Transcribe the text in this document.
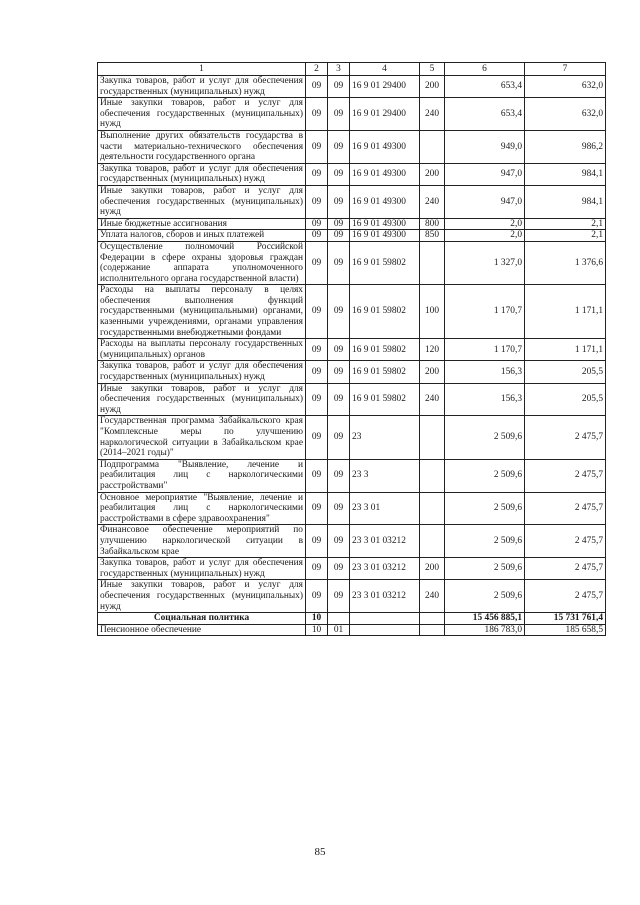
1	2	3	4	5	6	7
Закупка товаров, работ и услуг для обеспечения государственных (муниципальных) нужд	09	09	16 9 01 29400	200	653,4	632,0
Иные закупки товаров, работ и услуг для обеспечения государственных (муниципальных) нужд	09	09	16 9 01 29400	240	653,4	632,0
Выполнение других обязательств государства в части материально-технического обеспечения деятельности государственного органа	09	09	16 9 01 49300		949,0	986,2
Закупка товаров, работ и услуг для обеспечения государственных (муниципальных) нужд	09	09	16 9 01 49300	200	947,0	984,1
Иные закупки товаров, работ и услуг для обеспечения государственных (муниципальных) нужд	09	09	16 9 01 49300	240	947,0	984,1
Иные бюджетные ассигнования	09	09	16 9 01 49300	800	2,0	2,1
Уплата налогов, сборов и иных платежей	09	09	16 9 01 49300	850	2,0	2,1
Осуществление полномочий Российской Федерации в сфере охраны здоровья граждан (содержание аппарата уполномоченного исполнительного органа государственной власти)	09	09	16 9 01 59802		1 327,0	1 376,6
Расходы на выплаты персоналу в целях обеспечения выполнения функций государственными (муниципальными) органами, казенными учреждениями, органами управления государственными внебюджетными фондами	09	09	16 9 01 59802	100	1 170,7	1 171,1
Расходы на выплаты персоналу государственных (муниципальных) органов	09	09	16 9 01 59802	120	1 170,7	1 171,1
Закупка товаров, работ и услуг для обеспечения государственных (муниципальных) нужд	09	09	16 9 01 59802	200	156,3	205,5
Иные закупки товаров, работ и услуг для обеспечения государственных (муниципальных) нужд	09	09	16 9 01 59802	240	156,3	205,5
Государственная программа Забайкальского края "Комплексные меры по улучшению наркологической ситуации в Забайкальском крае (2014–2021 годы)"	09	09	23		2 509,6	2 475,7
Подпрограмма "Выявление, лечение и реабилитация лиц с наркологическими расстройствами"	09	09	23 3		2 509,6	2 475,7
Основное мероприятие "Выявление, лечение и реабилитация лиц с наркологическими расстройствами в сфере здравоохранения"	09	09	23 3 01		2 509,6	2 475,7
Финансовое обеспечение мероприятий по улучшению наркологической ситуации в Забайкальском крае	09	09	23 3 01 03212		2 509,6	2 475,7
Закупка товаров, работ и услуг для обеспечения государственных (муниципальных) нужд	09	09	23 3 01 03212	200	2 509,6	2 475,7
Иные закупки товаров, работ и услуг для обеспечения государственных (муниципальных) нужд	09	09	23 3 01 03212	240	2 509,6	2 475,7
Социальная политика	10				15 456 885,1	15 731 761,4
Пенсионное обеспечение	10	01			186 783,0	185 658,5
85
